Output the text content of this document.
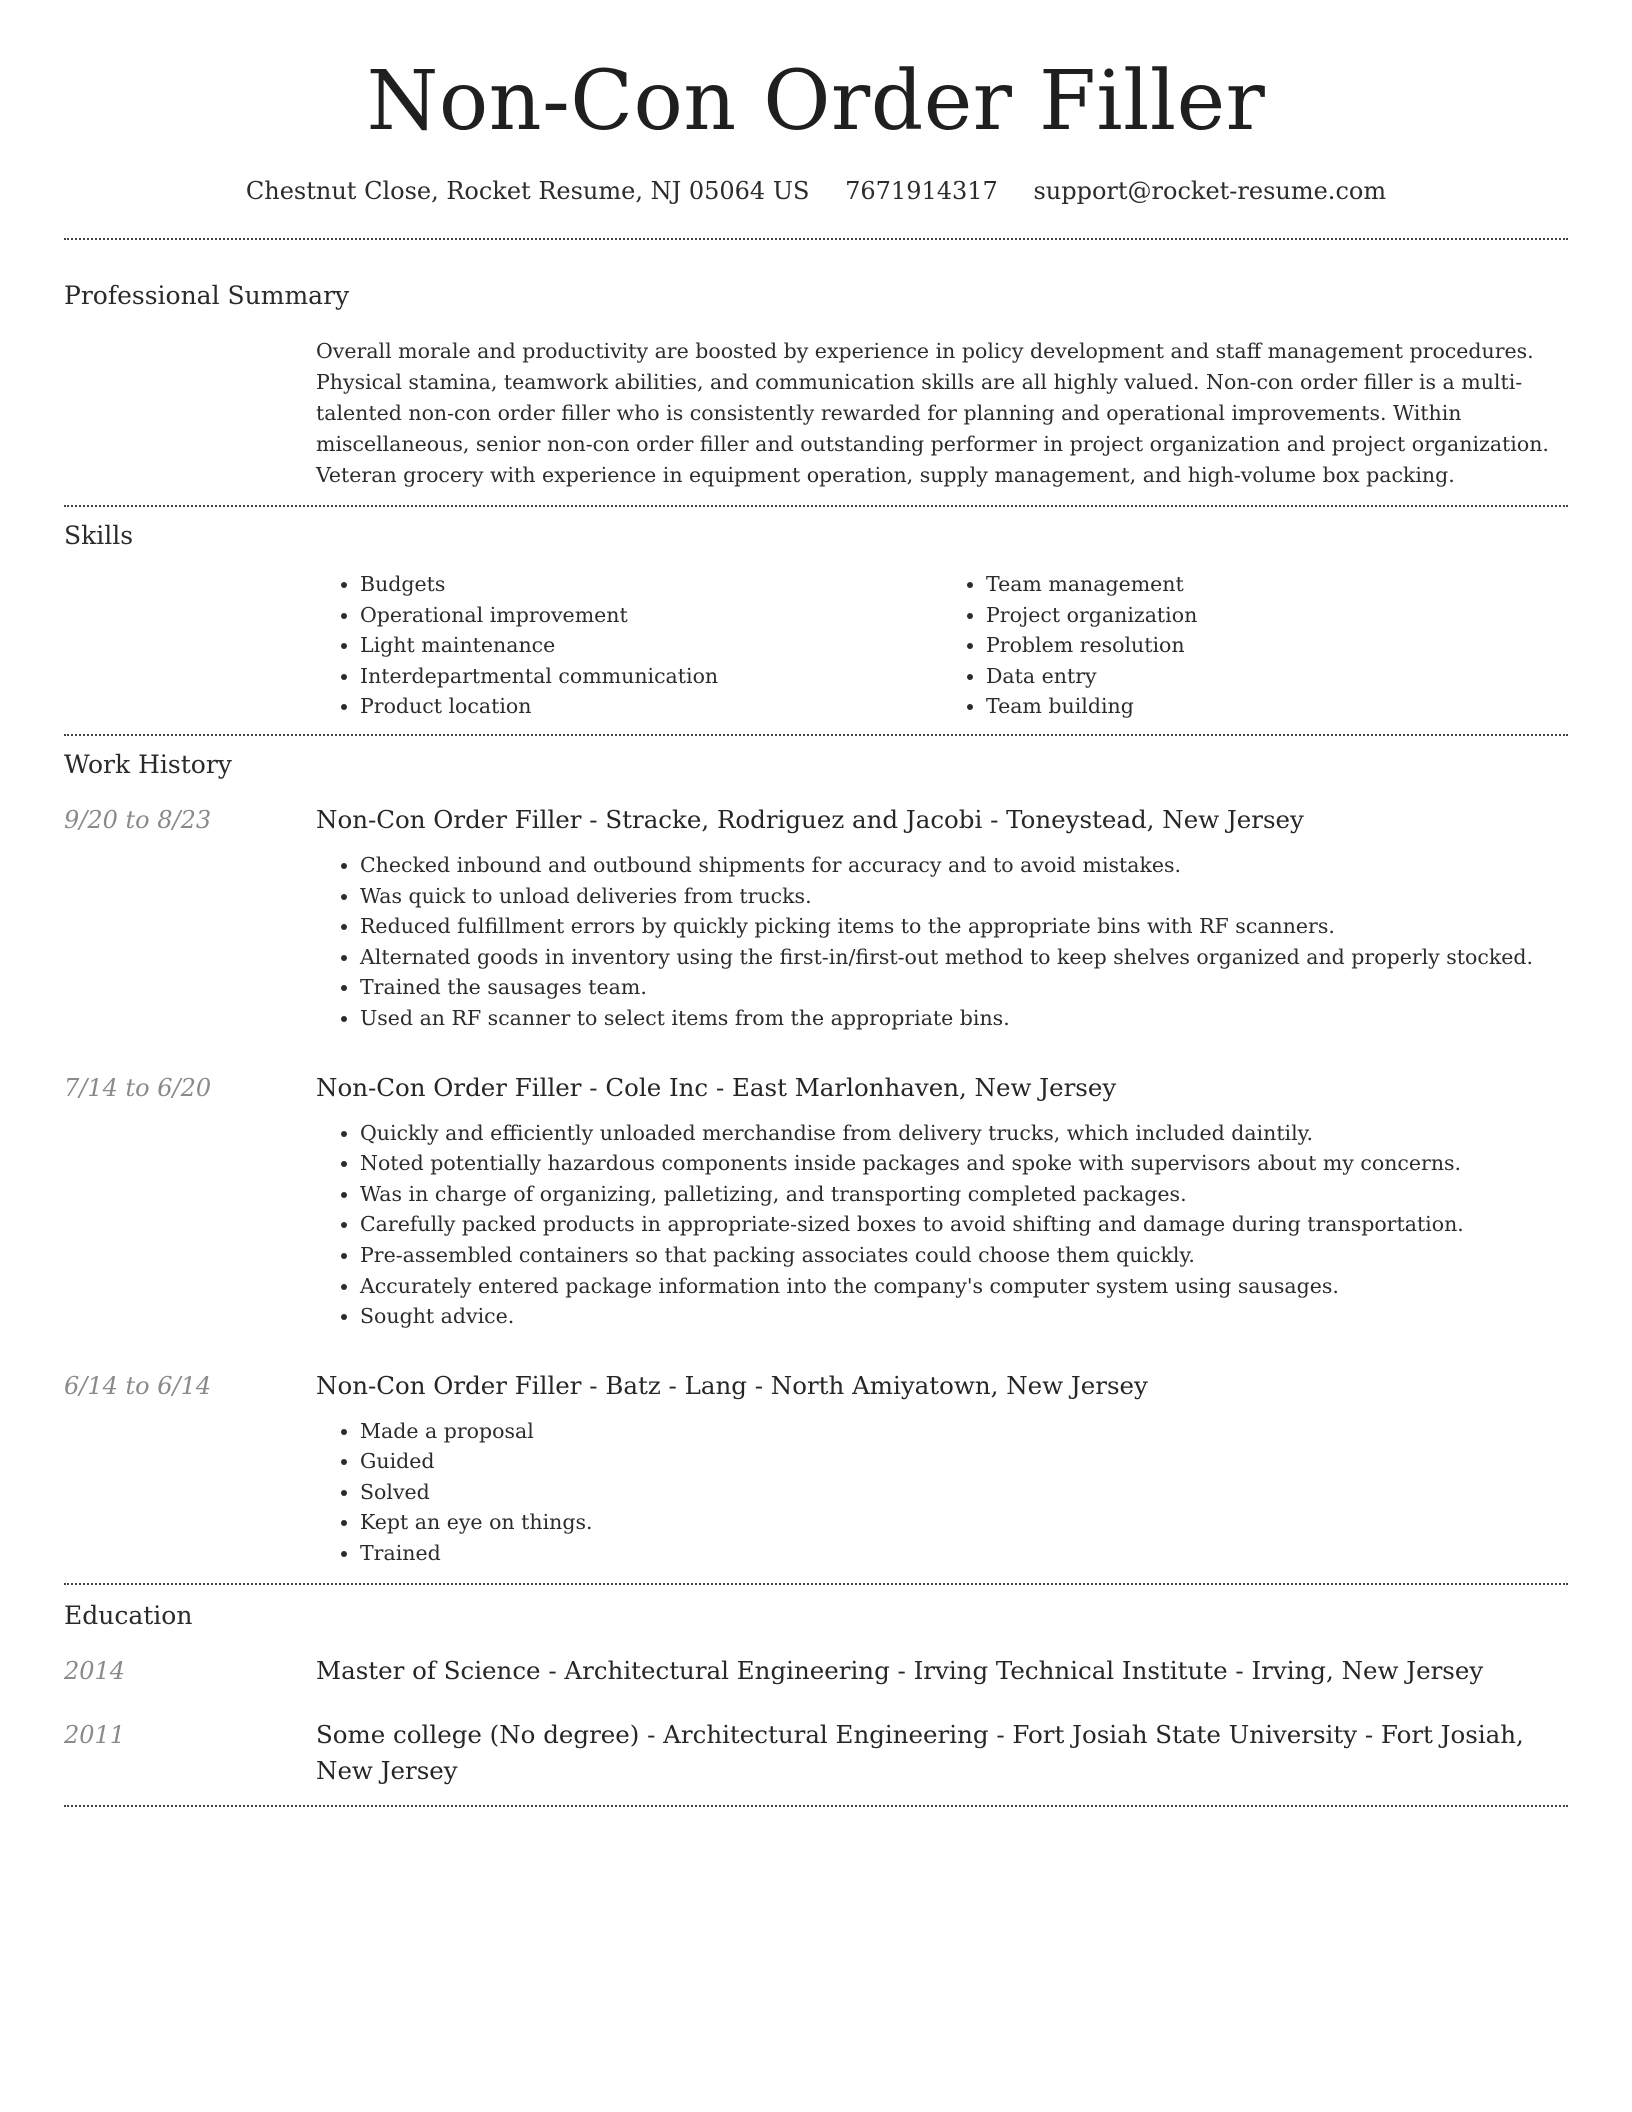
Non-Con Order Filler
Chestnut Close, Rocket Resume, NJ 05064 US 7671914317 support@rocket-resume.com
Professional Summary

Overall morale and productivity are boosted by experience in policy development and staff management procedures. Physical stamina, teamwork abilities, and communication skills are all highly valued. Non-con order filler is a multi-talented non-con order filler who is consistently rewarded for planning and operational improvements. Within miscellaneous, senior non-con order filler and outstanding performer in project organization and project organization. Veteran grocery with experience in equipment operation, supply management, and high-volume box packing.

Skills
• Budgets
• Operational improvement
• Light maintenance
• Interdepartmental communication
• Product location
• Team management
• Project organization
• Problem resolution
• Data entry
• Team building
Work History
9/20 to 8/23	Non-Con Order Filler - Stracke, Rodriguez and Jacobi - Toneystead, New Jersey
• Checked inbound and outbound shipments for accuracy and to avoid mistakes.
• Was quick to unload deliveries from trucks.
• Reduced fulfillment errors by quickly picking items to the appropriate bins with RF scanners.
• Alternated goods in inventory using the first-in/first-out method to keep shelves organized and properly stocked.
• Trained the sausages team.
• Used an RF scanner to select items from the appropriate bins.
7/14 to 6/20	Non-Con Order Filler - Cole Inc - East Marlonhaven, New Jersey
• Quickly and efficiently unloaded merchandise from delivery trucks, which included daintily.
• Noted potentially hazardous components inside packages and spoke with supervisors about my concerns.
• Was in charge of organizing, palletizing, and transporting completed packages.
• Carefully packed products in appropriate-sized boxes to avoid shifting and damage during transportation.
• Pre-assembled containers so that packing associates could choose them quickly.
• Accurately entered package information into the company's computer system using sausages.
• Sought advice.
6/14 to 6/14	Non-Con Order Filler - Batz - Lang - North Amiyatown, New Jersey
• Made a proposal
• Guided
• Solved
• Kept an eye on things.
• Trained
Education
2014	Master of Science - Architectural Engineering - Irving Technical Institute - Irving, New Jersey
2011	Some college (No degree) - Architectural Engineering - Fort Josiah State University - Fort Josiah, New Jersey
